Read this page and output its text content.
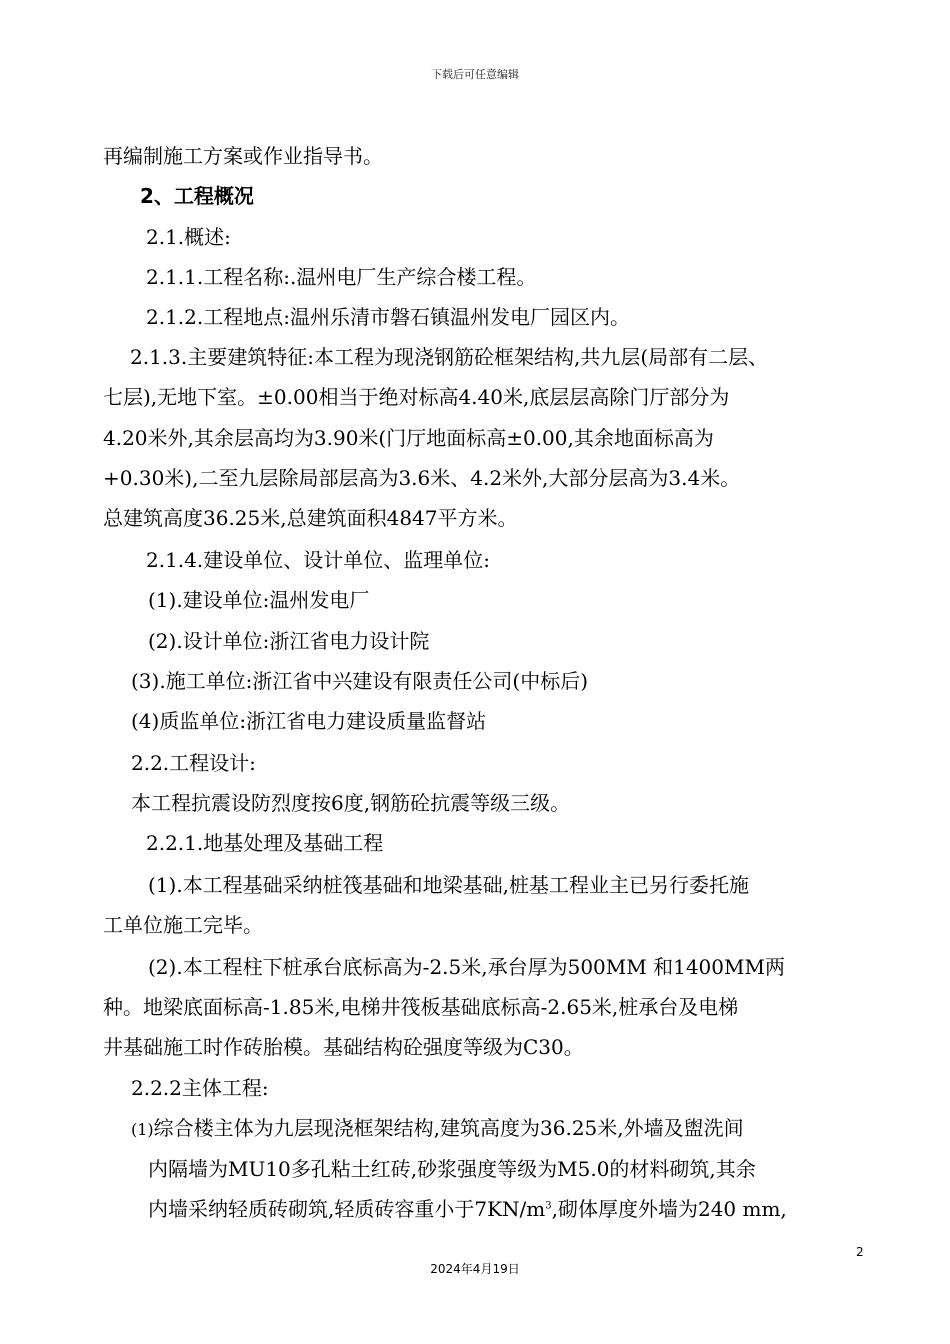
下载后可任意编辑
再编制施工方案或作业指导书。
2、工程概况
2.1.概述:
2.1.1.工程名称:.温州电厂生产综合楼工程。
2.1.2.工程地点:温州乐清市磐石镇温州发电厂园区内。
2.1.3.主要建筑特征:本工程为现浇钢筋砼框架结构,共九层(局部有二层、
七层),无地下室。±0.00相当于绝对标高4.40米,底层层高除门厅部分为
4.20米外,其余层高均为3.90米(门厅地面标高±0.00,其余地面标高为
+0.30米),二至九层除局部层高为3.6米、4.2米外,大部分层高为3.4米。
总建筑高度36.25米,总建筑面积4847平方米。
2.1.4.建设单位、设计单位、监理单位:
(1).建设单位:温州发电厂
(2).设计单位:浙江省电力设计院
(3).施工单位:浙江省中兴建设有限责任公司(中标后)
(4)质监单位:浙江省电力建设质量监督站
2.2.工程设计:
本工程抗震设防烈度按6度,钢筋砼抗震等级三级。
2.2.1.地基处理及基础工程
(1).本工程基础采纳桩筏基础和地梁基础,桩基工程业主已另行委托施
工单位施工完毕。
(2).本工程柱下桩承台底标高为-2.5米,承台厚为500MM 和1400MM两
种。地梁底面标高-1.85米,电梯井筏板基础底标高-2.65米,桩承台及电梯
井基础施工时作砖胎模。基础结构砼强度等级为C30。
2.2.2主体工程:
(1)综合楼主体为九层现浇框架结构,建筑高度为36.25米,外墙及盥洗间
内隔墙为MU10多孔粘土红砖,砂浆强度等级为M5.0的材料砌筑,其余
内墙采纳轻质砖砌筑,轻质砖容重小于$7KN/m^3$,砌体厚度外墙为240 mm,
2
2024年4月19日
